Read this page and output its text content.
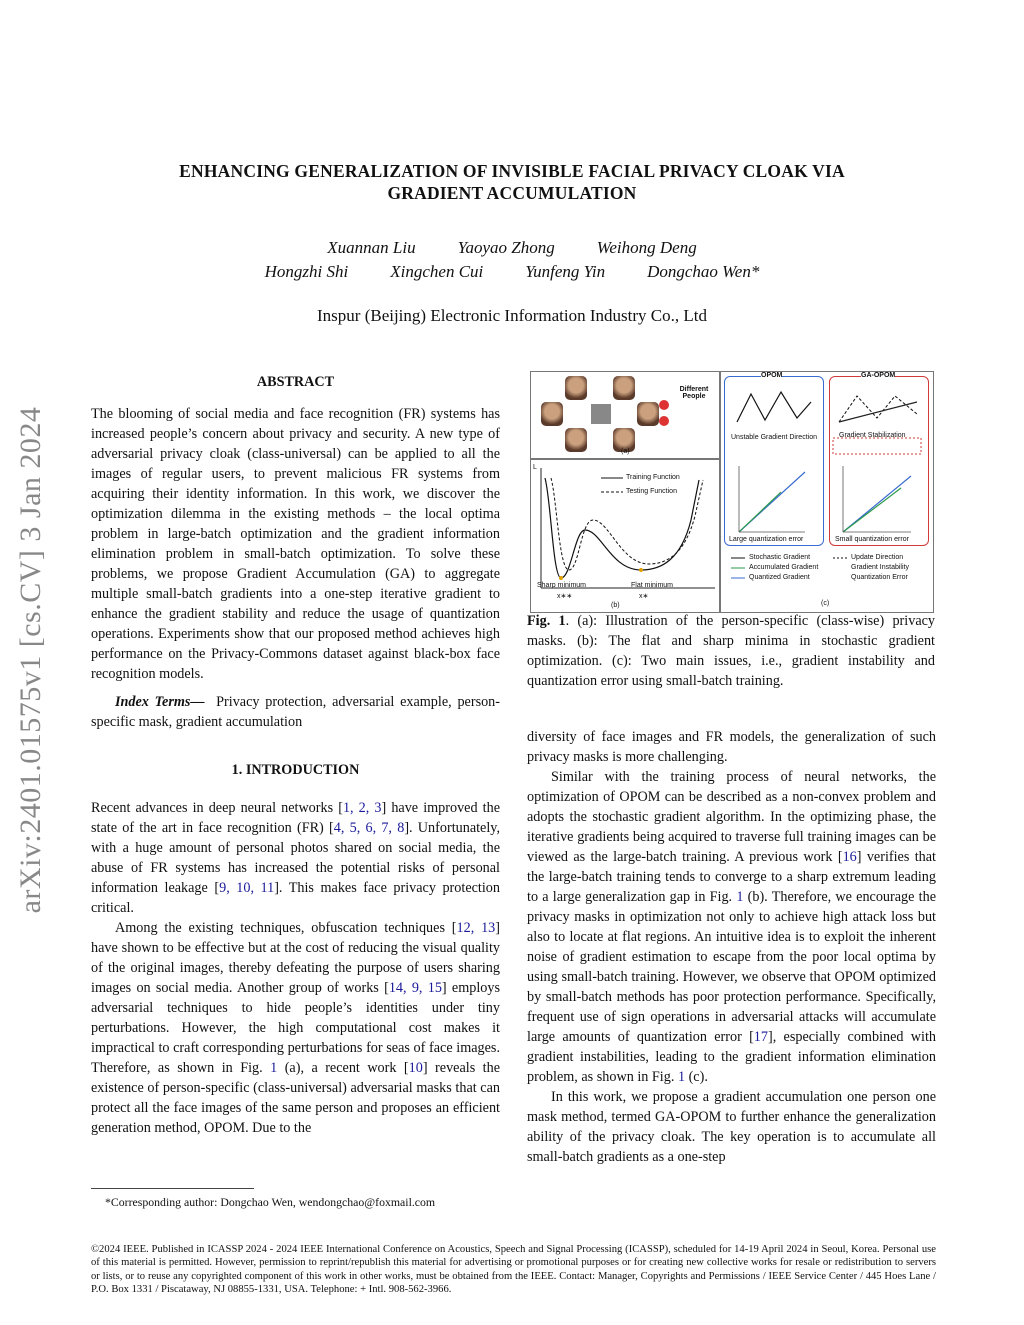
ENHANCING GENERALIZATION OF INVISIBLE FACIAL PRIVACY CLOAK VIA
GRADIENT ACCUMULATION
Xuannan Liu Yaoyao Zhong Weihong Deng
Hongzhi Shi Xingchen Cui Yunfeng Yin Dongchao Wen*
Inspur (Beijing) Electronic Information Industry Co., Ltd
arXiv:2401.01575v1 [cs.CV] 3 Jan 2024
ABSTRACT

The blooming of social media and face recognition (FR) systems has increased people’s concern about privacy and security. A new type of adversarial privacy cloak (class-universal) can be applied to all the images of regular users, to prevent malicious FR systems from acquiring their identity information. In this work, we discover the optimization dilemma in the existing methods – the local optima problem in large-batch optimization and the gradient information elimination problem in small-batch optimization. To solve these problems, we propose Gradient Accumulation (GA) to aggregate multiple small-batch gradients into a one-step iterative gradient to enhance the gradient stability and reduce the usage of quantization operations. Experiments show that our proposed method achieves high performance on the Privacy-Commons dataset against black-box face recognition models.

Index Terms— Privacy protection, adversarial example, person-specific mask, gradient accumulation

1. INTRODUCTION

Recent advances in deep neural networks [1, 2, 3] have improved the state of the art in face recognition (FR) [4, 5, 6, 7, 8]. Unfortunately, with a huge amount of personal photos shared on social media, the abuse of FR systems has increased the potential risks of personal information leakage [9, 10, 11]. This makes face privacy protection critical.

Among the existing techniques, obfuscation techniques [12, 13] have shown to be effective but at the cost of reducing the visual quality of the original images, thereby defeating the purpose of users sharing images on social media. Another group of works [14, 9, 15] employs adversarial techniques to hide people’s identities under tiny perturbations. However, the high computational cost makes it impractical to craft corresponding perturbations for seas of face images. Therefore, as shown in Fig. 1 (a), a recent work [10] reveals the existence of person-specific (class-universal) adversarial masks that can protect all the face images of the same person and proposes an efficient generation method, OPOM. Due to the

*Corresponding author: Dongchao Wen, wendongchao@foxmail.com
Different People
(a)
L
Training Function
Testing Function
Sharp minimum	Flat minimum
x∗∗	x∗
(b)
OPOM	GA-OPOM
Unstable Gradient Direction	Gradient Stabilization
Large quantization error	Small quantization error
Stochastic Gradient
Accumulated Gradient
Quantized Gradient
Update Direction
Gradient Instability
Quantization Error
(c)
Fig. 1. (a): Illustration of the person-specific (class-wise) privacy masks. (b): The flat and sharp minima in stochastic gradient optimization. (c): Two main issues, i.e., gradient instability and quantization error using small-batch training.

diversity of face images and FR models, the generalization of such privacy masks is more challenging.

Similar with the training process of neural networks, the optimization of OPOM can be described as a non-convex problem and adopts the stochastic gradient algorithm. In the optimizing phase, the iterative gradients being acquired to traverse full training images can be viewed as the large-batch training. A previous work [16] verifies that the large-batch training tends to converge to a sharp extremum leading to a large generalization gap in Fig. 1 (b). Therefore, we encourage the privacy masks in optimization not only to achieve high attack loss but also to locate at flat regions. An intuitive idea is to exploit the inherent noise of gradient estimation to escape from the poor local optima by using small-batch training. However, we observe that OPOM optimized by small-batch methods has poor protection performance. Specifically, frequent use of sign operations in adversarial attacks will accumulate large amounts of quantization error [17], especially combined with gradient instabilities, leading to the gradient information elimination problem, as shown in Fig. 1 (c).

In this work, we propose a gradient accumulation one person one mask method, termed GA-OPOM to further enhance the generalization ability of the privacy cloak. The key operation is to accumulate all small-batch gradients as a one-step

©2024 IEEE. Published in ICASSP 2024 - 2024 IEEE International Conference on Acoustics, Speech and Signal Processing (ICASSP), scheduled for 14-19 April 2024 in Seoul, Korea. Personal use of this material is permitted. However, permission to reprint/republish this material for advertising or promotional purposes or for creating new collective works for resale or redistribution to servers or lists, or to reuse any copyrighted component of this work in other works, must be obtained from the IEEE. Contact: Manager, Copyrights and Permissions / IEEE Service Center / 445 Hoes Lane / P.O. Box 1331 / Piscataway, NJ 08855-1331, USA. Telephone: + Intl. 908-562-3966.
